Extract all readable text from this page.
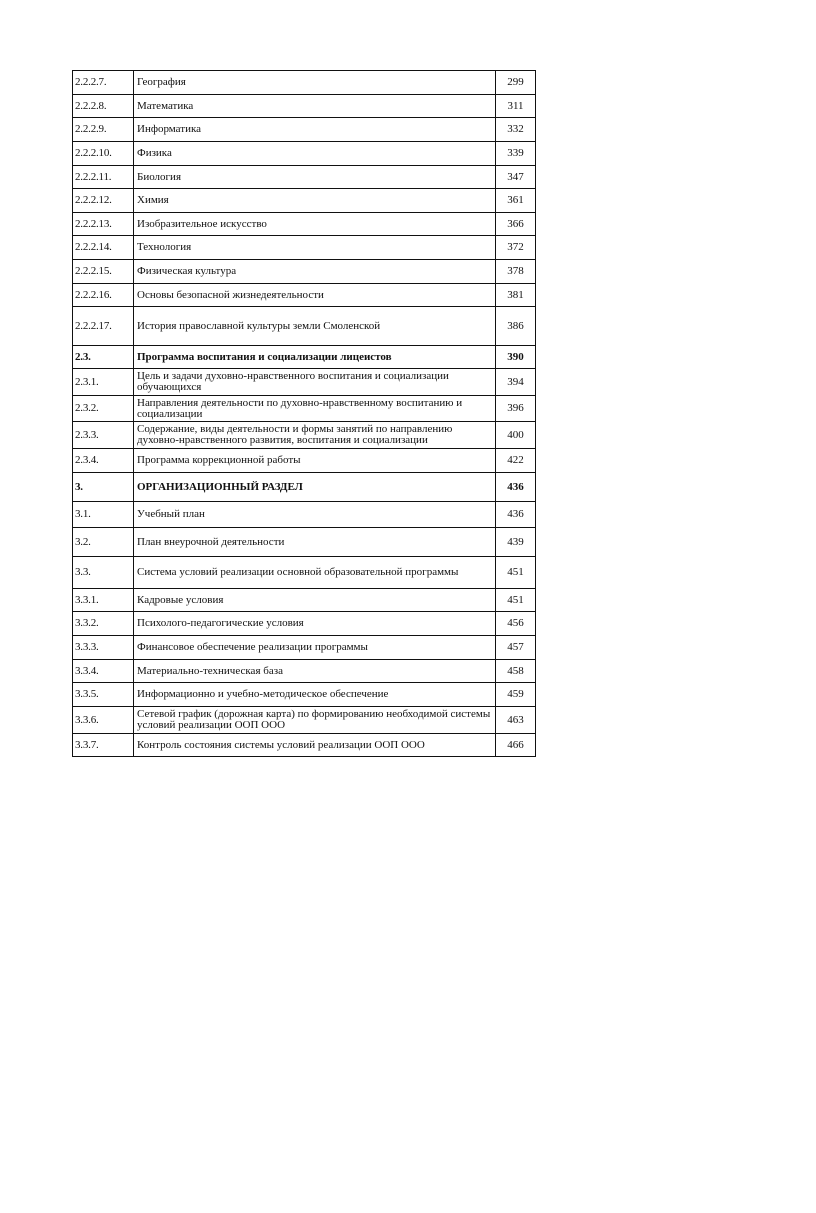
2.2.2.7.	География	299
2.2.2.8.	Математика	311
2.2.2.9.	Информатика	332
2.2.2.10.	Физика	339
2.2.2.11.	Биология	347
2.2.2.12.	Химия	361
2.2.2.13.	Изобразительное искусство	366
2.2.2.14.	Технология	372
2.2.2.15.	Физическая культура	378
2.2.2.16.	Основы безопасной жизнедеятельности	381
2.2.2.17.	История православной культуры земли Смоленской	386
2.3.	Программа воспитания и социализации лицеистов	390
2.3.1.	Цель и задачи духовно-нравственного воспитания и социализации обучающихся	394
2.3.2.	Направления деятельности по духовно-нравственному воспитанию и социализации	396
2.3.3.	Содержание, виды деятельности и формы занятий по направлению духовно-нравственного развития, воспитания и социализации	400
2.3.4.	Программа коррекционной работы	422
3.	ОРГАНИЗАЦИОННЫЙ РАЗДЕЛ	436
3.1.	Учебный план	436
3.2.	План внеурочной деятельности	439
3.3.	Система условий реализации основной образовательной программы	451
3.3.1.	Кадровые условия	451
3.3.2.	Психолого-педагогические условия	456
3.3.3.	Финансовое обеспечение реализации программы	457
3.3.4.	Материально-техническая база	458
3.3.5.	Информационно и учебно-методическое обеспечение	459
3.3.6.	Сетевой график (дорожная карта) по формированию необходимой системы условий реализации ООП ООО	463
3.3.7.	Контроль состояния системы условий реализации ООП ООО	466
